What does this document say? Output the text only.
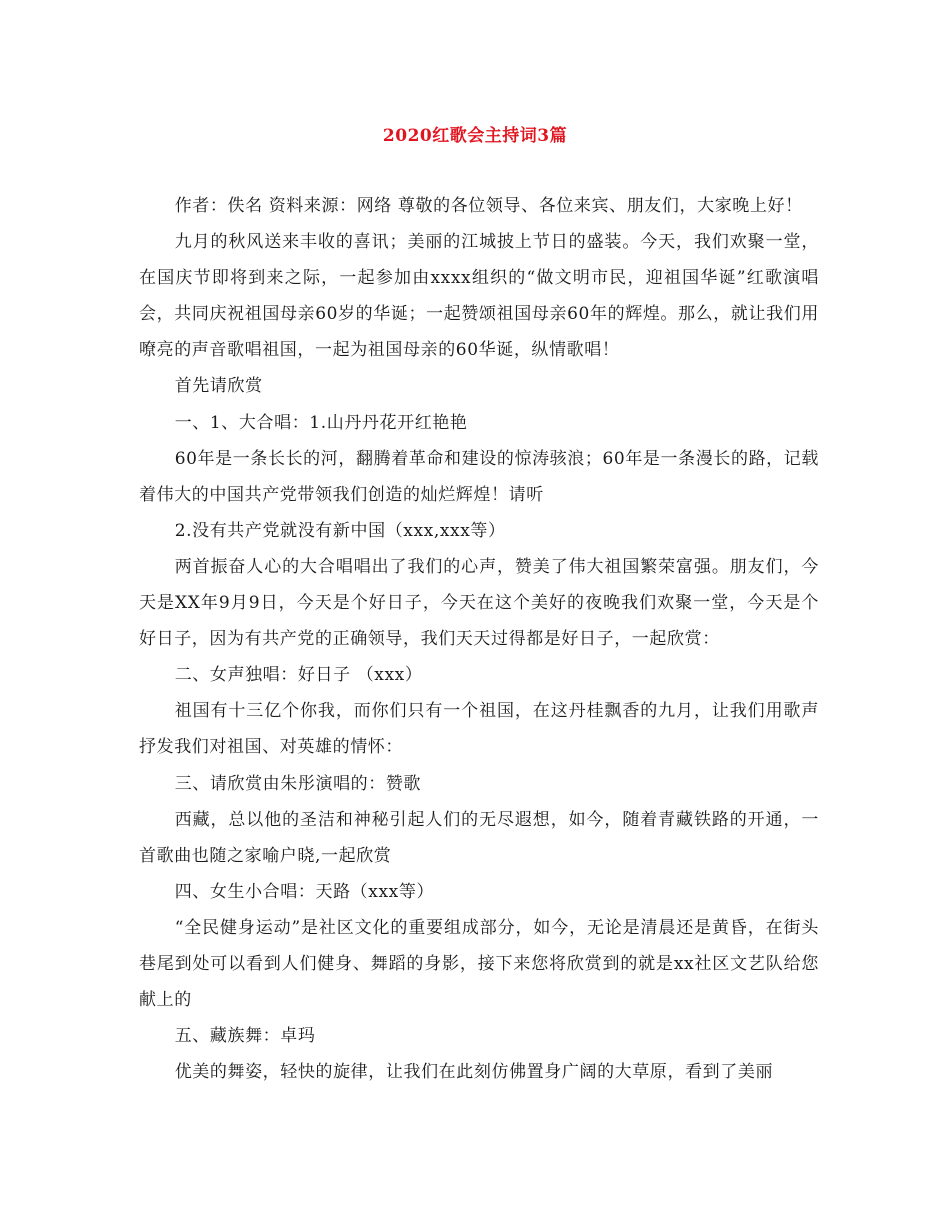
2020红歌会主持词3篇

作者：佚名 资料来源：网络 尊敬的各位领导、各位来宾、朋友们，大家晚上好！

九月的秋风送来丰收的喜讯；美丽的江城披上节日的盛装。今天，我们欢聚一堂，在国庆节即将到来之际，一起参加由xxxx组织的“做文明市民，迎祖国华诞”红歌演唱会，共同庆祝祖国母亲60岁的华诞；一起赞颂祖国母亲60年的辉煌。那么，就让我们用嘹亮的声音歌唱祖国，一起为祖国母亲的60华诞，纵情歌唱！

首先请欣赏

一、1、大合唱：1.山丹丹花开红艳艳

60年是一条长长的河，翻腾着革命和建设的惊涛骇浪；60年是一条漫长的路，记载着伟大的中国共产党带领我们创造的灿烂辉煌！请听

2.没有共产党就没有新中国（xxx,xxx等）

两首振奋人心的大合唱唱出了我们的心声，赞美了伟大祖国繁荣富强。朋友们，今天是XX年9月9日，今天是个好日子，今天在这个美好的夜晚我们欢聚一堂，今天是个好日子，因为有共产党的正确领导，我们天天过得都是好日子，一起欣赏：

二、女声独唱：好日子 （xxx）

祖国有十三亿个你我，而你们只有一个祖国，在这丹桂飘香的九月，让我们用歌声抒发我们对祖国、对英雄的情怀：

三、请欣赏由朱彤演唱的：赞歌

西藏，总以他的圣洁和神秘引起人们的无尽遐想，如今，随着青藏铁路的开通，一首歌曲也随之家喻户晓,一起欣赏

四、女生小合唱：天路（xxx等）

“全民健身运动”是社区文化的重要组成部分，如今，无论是清晨还是黄昏，在街头巷尾到处可以看到人们健身、舞蹈的身影，接下来您将欣赏到的就是xx社区文艺队给您献上的

五、藏族舞：卓玛

优美的舞姿，轻快的旋律，让我们在此刻仿佛置身广阔的大草原，看到了美丽
